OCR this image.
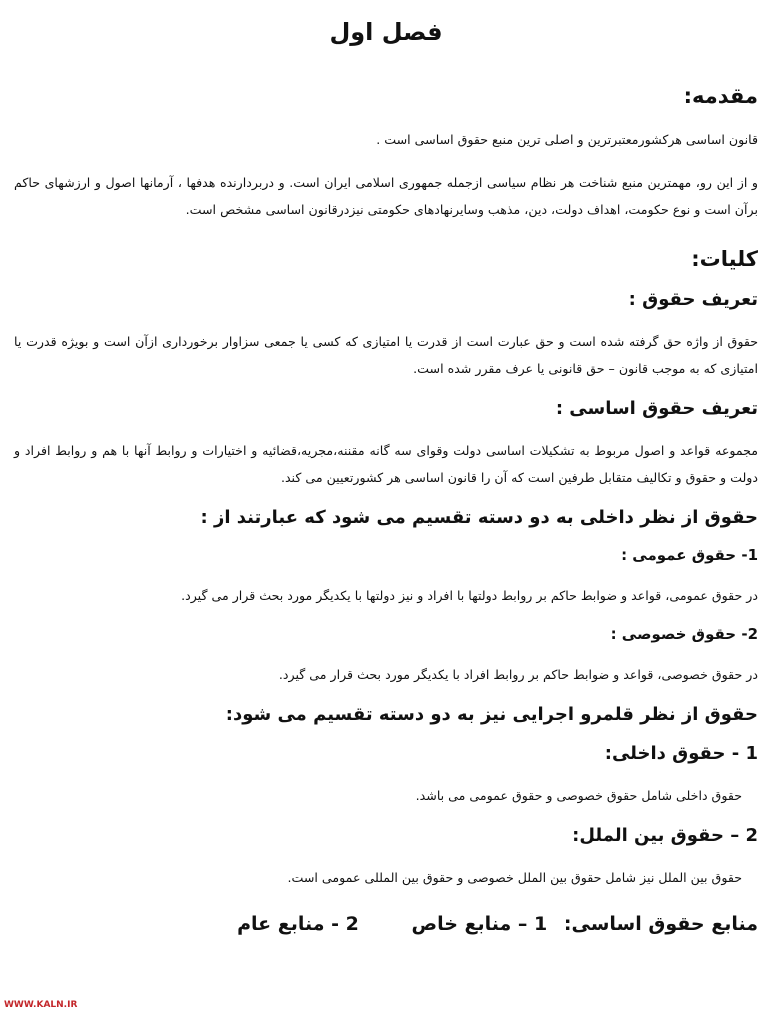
فصل اول
مقدمه:

قانون اساسی هرکشورمعتبرترین و اصلی ترین منبع حقوق اساسی است .

و از این رو، مهمترین منبع شناخت هر نظام سیاسی ازجمله جمهوری اسلامی ایران است. و دربردارنده هدفها ، آرمانها اصول و ارزشهای حاکم برآن است و نوع حکومت، اهداف دولت، دین، مذهب وسایرنهادهای حکومتی نیزدرقانون اساسی مشخص است.

کلیات:
تعریف حقوق :

حقوق از واژه حق گرفته شده است و حق عبارت است از قدرت یا امتیازی که کسی یا جمعی سزاوار برخورداری ازآن است و بویژه قدرت یا امتیازی که به موجب قانون – حق قانونی یا عرف مقرر شده است.

تعریف حقوق اساسی :

مجموعه قواعد و اصول مربوط به تشکیلات اساسی دولت وقوای سه گانه مقننه،مجریه،قضائیه و اختیارات و روابط آنها با هم و روابط افراد و دولت و حقوق و تکالیف متقابل طرفین است که آن را قانون اساسی هر کشورتعیین می کند.

حقوق از نظر داخلی به دو دسته تقسیم می شود که عبارتند از :
1- حقوق عمومی :

در حقوق عمومی، قواعد و ضوابط حاکم بر روابط دولتها با افراد و نیز دولتها با یکدیگر مورد بحث قرار می گیرد.

2- حقوق خصوصی :

در حقوق خصوصی، قواعد و ضوابط حاکم بر روابط افراد با یکدیگر مورد بحث قرار می گیرد.

حقوق از نظر قلمرو اجرایی نیز به دو دسته تقسیم می شود:
1 - حقوق داخلی:

حقوق داخلی شامل حقوق خصوصی و حقوق عمومی می باشد.

2 – حقوق بین الملل:

حقوق بین الملل نیز شامل حقوق بین الملل خصوصی و حقوق بین المللی عمومی است.

منابع حقوق اساسی: 1 – منابع خاص 2 - منابع عام
WWW.KALN.IR
